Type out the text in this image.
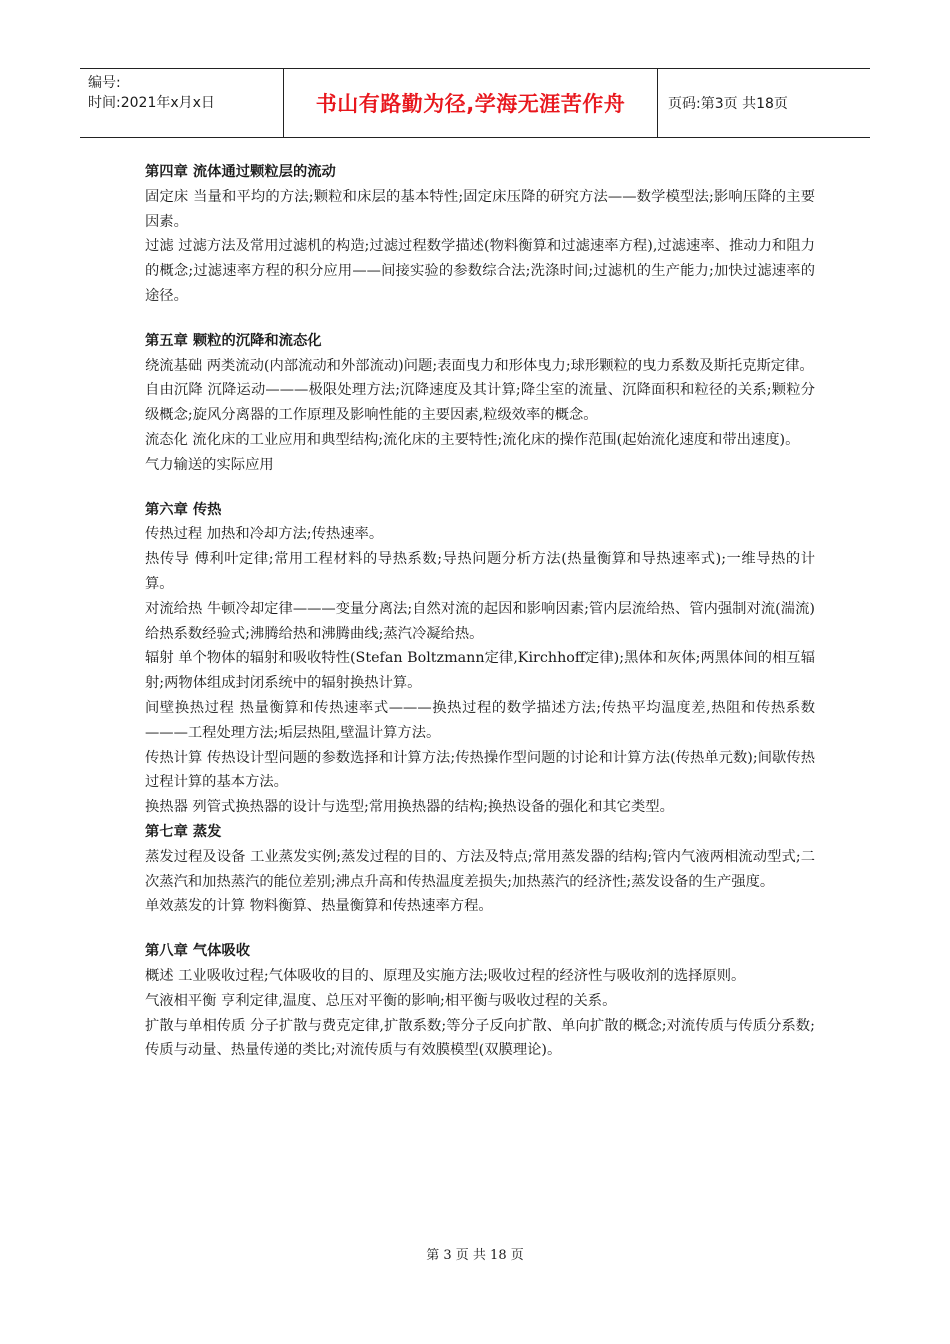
编号:
时间:2021年x月x日	书山有路勤为径,学海无涯苦作舟	页码:第3页 共18页
第四章 流体通过颗粒层的流动

固定床 当量和平均的方法;颗粒和床层的基本特性;固定床压降的研究方法——数学模型法;影响压降的主要因素。

过滤 过滤方法及常用过滤机的构造;过滤过程数学描述(物料衡算和过滤速率方程),过滤速率、推动力和阻力的概念;过滤速率方程的积分应用——间接实验的参数综合法;洗涤时间;过滤机的生产能力;加快过滤速率的途径。

第五章 颗粒的沉降和流态化

绕流基础 两类流动(内部流动和外部流动)问题;表面曳力和形体曳力;球形颗粒的曳力系数及斯托克斯定律。

自由沉降 沉降运动———极限处理方法;沉降速度及其计算;降尘室的流量、沉降面积和粒径的关系;颗粒分级概念;旋风分离器的工作原理及影响性能的主要因素,粒级效率的概念。

流态化 流化床的工业应用和典型结构;流化床的主要特性;流化床的操作范围(起始流化速度和带出速度)。

气力输送的实际应用

第六章 传热

传热过程 加热和冷却方法;传热速率。

热传导 傅利叶定律;常用工程材料的导热系数;导热问题分析方法(热量衡算和导热速率式);一维导热的计算。

对流给热 牛顿冷却定律———变量分离法;自然对流的起因和影响因素;管内层流给热、管内强制对流(湍流)给热系数经验式;沸腾给热和沸腾曲线;蒸汽冷凝给热。

辐射 单个物体的辐射和吸收特性(Stefan Boltzmann定律,Kirchhoff定律);黑体和灰体;两黑体间的相互辐射;两物体组成封闭系统中的辐射换热计算。

间壁换热过程 热量衡算和传热速率式———换热过程的数学描述方法;传热平均温度差,热阻和传热系数———工程处理方法;垢层热阻,壁温计算方法。

传热计算 传热设计型问题的参数选择和计算方法;传热操作型问题的讨论和计算方法(传热单元数);间歇传热过程计算的基本方法。

换热器 列管式换热器的设计与选型;常用换热器的结构;换热设备的强化和其它类型。

第七章 蒸发

蒸发过程及设备 工业蒸发实例;蒸发过程的目的、方法及特点;常用蒸发器的结构;管内气液两相流动型式;二次蒸汽和加热蒸汽的能位差别;沸点升高和传热温度差损失;加热蒸汽的经济性;蒸发设备的生产强度。

单效蒸发的计算 物料衡算、热量衡算和传热速率方程。

第八章 气体吸收

概述 工业吸收过程;气体吸收的目的、原理及实施方法;吸收过程的经济性与吸收剂的选择原则。

气液相平衡 亨利定律,温度、总压对平衡的影响;相平衡与吸收过程的关系。

扩散与单相传质 分子扩散与费克定律,扩散系数;等分子反向扩散、单向扩散的概念;对流传质与传质分系数;传质与动量、热量传递的类比;对流传质与有效膜模型(双膜理论)。

第 3 页 共 18 页
